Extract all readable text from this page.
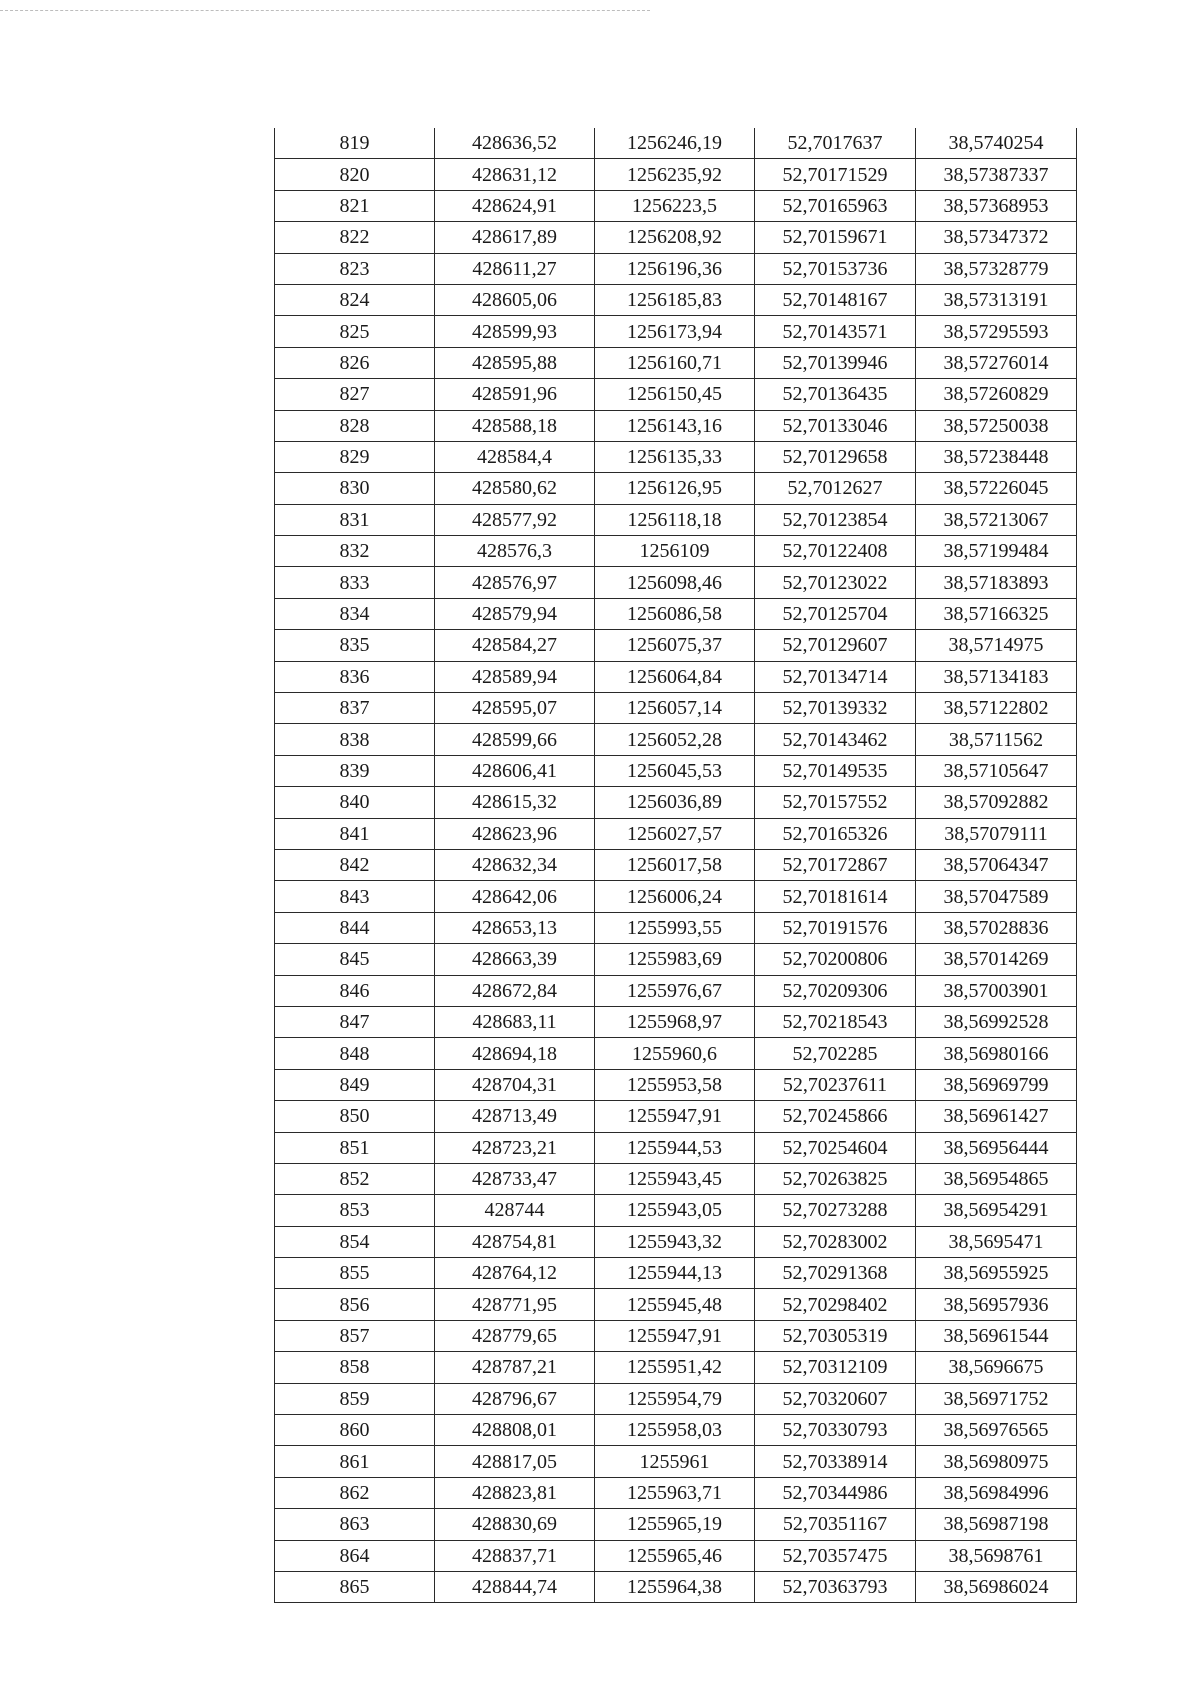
819	428636,52	1256246,19	52,7017637	38,5740254
820	428631,12	1256235,92	52,70171529	38,57387337
821	428624,91	1256223,5	52,70165963	38,57368953
822	428617,89	1256208,92	52,70159671	38,57347372
823	428611,27	1256196,36	52,70153736	38,57328779
824	428605,06	1256185,83	52,70148167	38,57313191
825	428599,93	1256173,94	52,70143571	38,57295593
826	428595,88	1256160,71	52,70139946	38,57276014
827	428591,96	1256150,45	52,70136435	38,57260829
828	428588,18	1256143,16	52,70133046	38,57250038
829	428584,4	1256135,33	52,70129658	38,57238448
830	428580,62	1256126,95	52,7012627	38,57226045
831	428577,92	1256118,18	52,70123854	38,57213067
832	428576,3	1256109	52,70122408	38,57199484
833	428576,97	1256098,46	52,70123022	38,57183893
834	428579,94	1256086,58	52,70125704	38,57166325
835	428584,27	1256075,37	52,70129607	38,5714975
836	428589,94	1256064,84	52,70134714	38,57134183
837	428595,07	1256057,14	52,70139332	38,57122802
838	428599,66	1256052,28	52,70143462	38,5711562
839	428606,41	1256045,53	52,70149535	38,57105647
840	428615,32	1256036,89	52,70157552	38,57092882
841	428623,96	1256027,57	52,70165326	38,57079111
842	428632,34	1256017,58	52,70172867	38,57064347
843	428642,06	1256006,24	52,70181614	38,57047589
844	428653,13	1255993,55	52,70191576	38,57028836
845	428663,39	1255983,69	52,70200806	38,57014269
846	428672,84	1255976,67	52,70209306	38,57003901
847	428683,11	1255968,97	52,70218543	38,56992528
848	428694,18	1255960,6	52,702285	38,56980166
849	428704,31	1255953,58	52,70237611	38,56969799
850	428713,49	1255947,91	52,70245866	38,56961427
851	428723,21	1255944,53	52,70254604	38,56956444
852	428733,47	1255943,45	52,70263825	38,56954865
853	428744	1255943,05	52,70273288	38,56954291
854	428754,81	1255943,32	52,70283002	38,5695471
855	428764,12	1255944,13	52,70291368	38,56955925
856	428771,95	1255945,48	52,70298402	38,56957936
857	428779,65	1255947,91	52,70305319	38,56961544
858	428787,21	1255951,42	52,70312109	38,5696675
859	428796,67	1255954,79	52,70320607	38,56971752
860	428808,01	1255958,03	52,70330793	38,56976565
861	428817,05	1255961	52,70338914	38,56980975
862	428823,81	1255963,71	52,70344986	38,56984996
863	428830,69	1255965,19	52,70351167	38,56987198
864	428837,71	1255965,46	52,70357475	38,5698761
865	428844,74	1255964,38	52,70363793	38,56986024
